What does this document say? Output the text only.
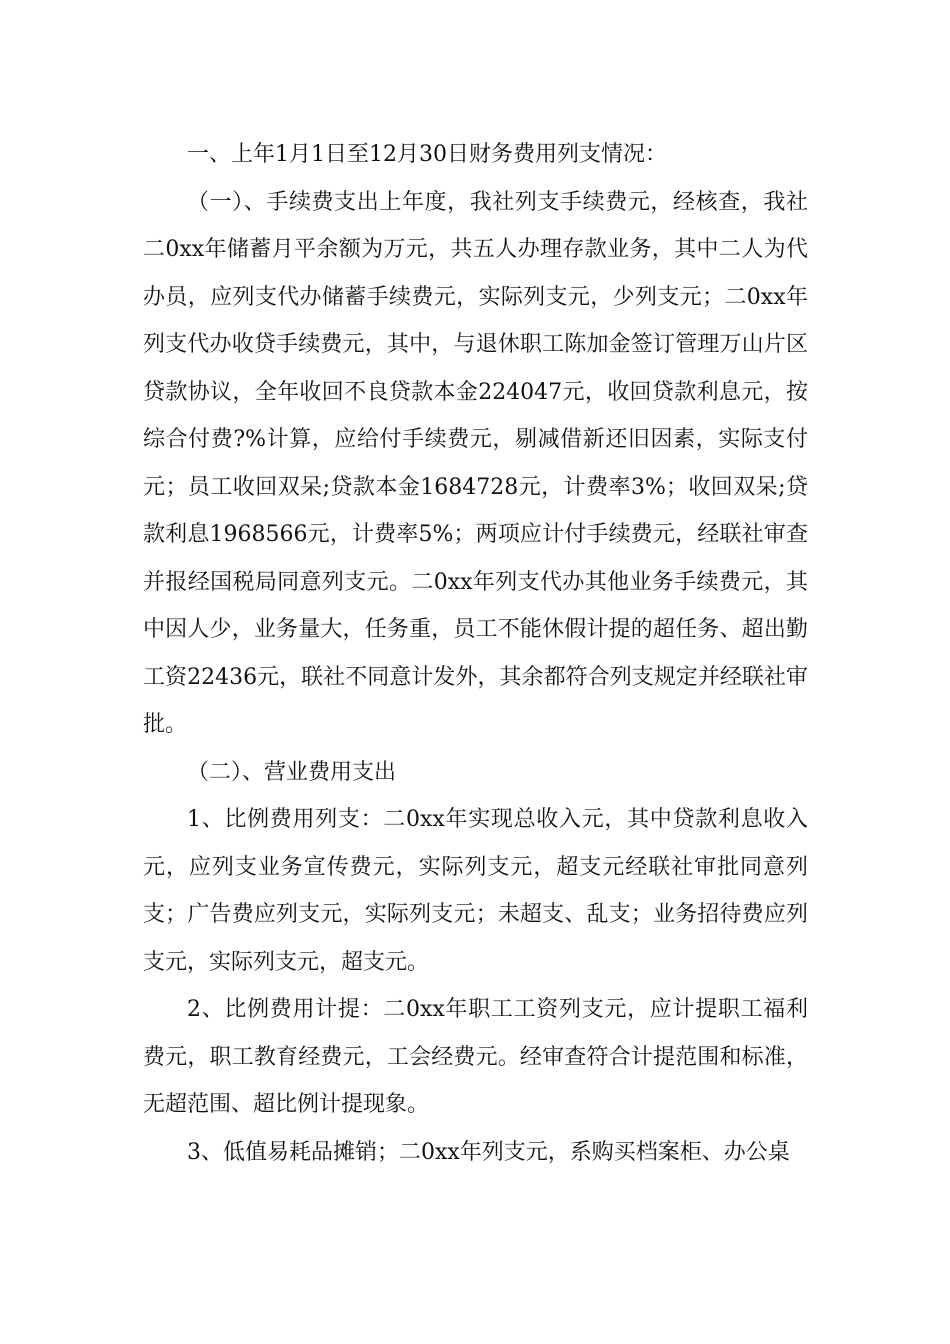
一、上年1月1日至12月30日财务费用列支情况：

（一）、手续费支出上年度，我社列支手续费元，经核查，我社二0xx年储蓄月平余额为万元，共五人办理存款业务，其中二人为代办员，应列支代办储蓄手续费元，实际列支元，少列支元；二0xx年列支代办收贷手续费元，其中，与退休职工陈加金签订管理万山片区贷款协议，全年收回不良贷款本金224047元，收回贷款利息元，按综合付费?%计算，应给付手续费元，剔减借新还旧因素，实际支付元；员工收回双呆;贷款本金1684728元，计费率3%；收回双呆;贷款利息1968566元，计费率5%；两项应计付手续费元，经联社审查并报经国税局同意列支元。二0xx年列支代办其他业务手续费元，其中因人少，业务量大，任务重，员工不能休假计提的超任务、超出勤工资22436元，联社不同意计发外，其余都符合列支规定并经联社审批。

（二）、营业费用支出

1、比例费用列支：二0xx年实现总收入元，其中贷款利息收入元，应列支业务宣传费元，实际列支元，超支元经联社审批同意列支；广告费应列支元，实际列支元；未超支、乱支；业务招待费应列支元，实际列支元，超支元。

2、比例费用计提：二0xx年职工工资列支元，应计提职工福利费元，职工教育经费元，工会经费元。经审查符合计提范围和标准，无超范围、超比例计提现象。

3、低值易耗品摊销；二0xx年列支元，系购买档案柜、办公桌
